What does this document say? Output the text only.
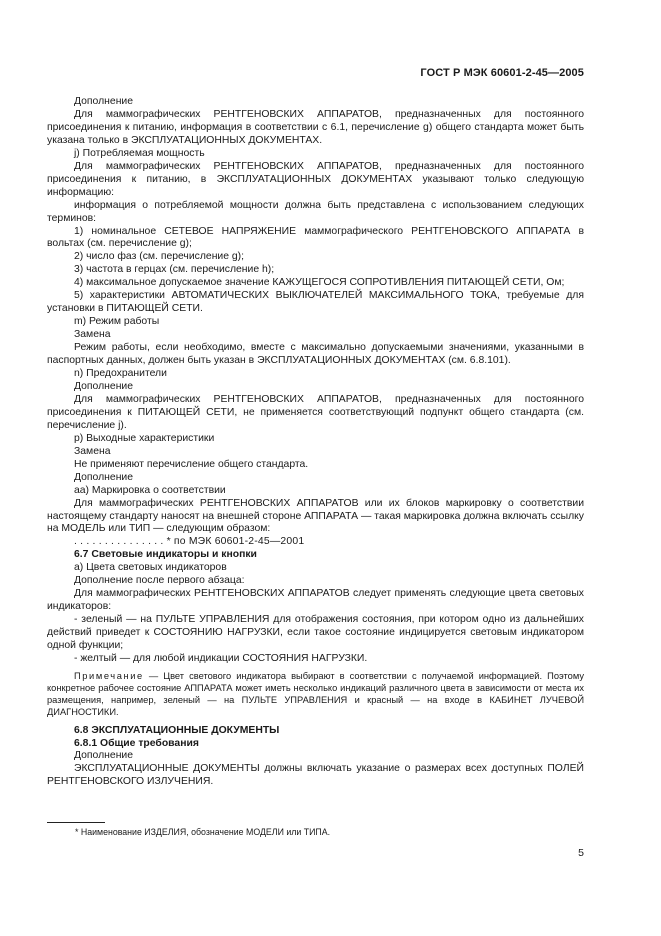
ГОСТ Р МЭК 60601-2-45—2005

Дополнение

Для маммографических РЕНТГЕНОВСКИХ АППАРАТОВ, предназначенных для постоянного присоединения к питанию, информация в соответствии с 6.1, перечисление g) общего стандарта может быть указана только в ЭКСПЛУАТАЦИОННЫХ ДОКУМЕНТАХ.

j) Потребляемая мощность

Для маммографических РЕНТГЕНОВСКИХ АППАРАТОВ, предназначенных для постоянного присоединения к питанию, в ЭКСПЛУАТАЦИОННЫХ ДОКУМЕНТАХ указывают только следующую информацию:

информация о потребляемой мощности должна быть представлена с использованием следующих терминов:

1) номинальное СЕТЕВОЕ НАПРЯЖЕНИЕ маммографического РЕНТГЕНОВСКОГО АППАРАТА в вольтах (см. перечисление g);

2) число фаз (см. перечисление g);

3) частота в герцах (см. перечисление h);

4) максимальное допускаемое значение КАЖУЩЕГОСЯ СОПРОТИВЛЕНИЯ ПИТАЮЩЕЙ СЕТИ, Ом;

5) характеристики АВТОМАТИЧЕСКИХ ВЫКЛЮЧАТЕЛЕЙ МАКСИМАЛЬНОГО ТОКА, требуемые для установки в ПИТАЮЩЕЙ СЕТИ.

m) Режим работы

Замена

Режим работы, если необходимо, вместе с максимально допускаемыми значениями, указанными в паспортных данных, должен быть указан в ЭКСПЛУАТАЦИОННЫХ ДОКУМЕНТАХ (см. 6.8.101).

n) Предохранители

Дополнение

Для маммографических РЕНТГЕНОВСКИХ АППАРАТОВ, предназначенных для постоянного присоединения к ПИТАЮЩЕЙ СЕТИ, не применяется соответствующий подпункт общего стандарта (см. перечисление j).

p) Выходные характеристики

Замена

Не применяют перечисление общего стандарта.

Дополнение

aa) Маркировка о соответствии

Для маммографических РЕНТГЕНОВСКИХ АППАРАТОВ или их блоков маркировку о соответствии настоящему стандарту наносят на внешней стороне АППАРАТА — такая маркировка должна включать ссылку на МОДЕЛЬ или ТИП — следующим образом:

. . . . . . . . . . . . . . . * по МЭК 60601-2-45—2001

6.7 Световые индикаторы и кнопки

а) Цвета световых индикаторов

Дополнение после первого абзаца:

Для маммографических РЕНТГЕНОВСКИХ АППАРАТОВ следует применять следующие цвета световых индикаторов:

- зеленый — на ПУЛЬТЕ УПРАВЛЕНИЯ для отображения состояния, при котором одно из дальнейших действий приведет к СОСТОЯНИЮ НАГРУЗКИ, если такое состояние индицируется световым индикатором одной функции;

- желтый — для любой индикации СОСТОЯНИЯ НАГРУЗКИ.

Примечание — Цвет светового индикатора выбирают в соответствии с получаемой информацией. Поэтому конкретное рабочее состояние АППАРАТА может иметь несколько индикаций различного цвета в зависимости от места их размещения, например, зеленый — на ПУЛЬТЕ УПРАВЛЕНИЯ и красный — на входе в КАБИНЕТ ЛУЧЕВОЙ ДИАГНОСТИКИ.

6.8 ЭКСПЛУАТАЦИОННЫЕ ДОКУМЕНТЫ

6.8.1 Общие требования

Дополнение

ЭКСПЛУАТАЦИОННЫЕ ДОКУМЕНТЫ должны включать указание о размерах всех доступных ПОЛЕЙ РЕНТГЕНОВСКОГО ИЗЛУЧЕНИЯ.

* Наименование ИЗДЕЛИЯ, обозначение МОДЕЛИ или ТИПА.
5
